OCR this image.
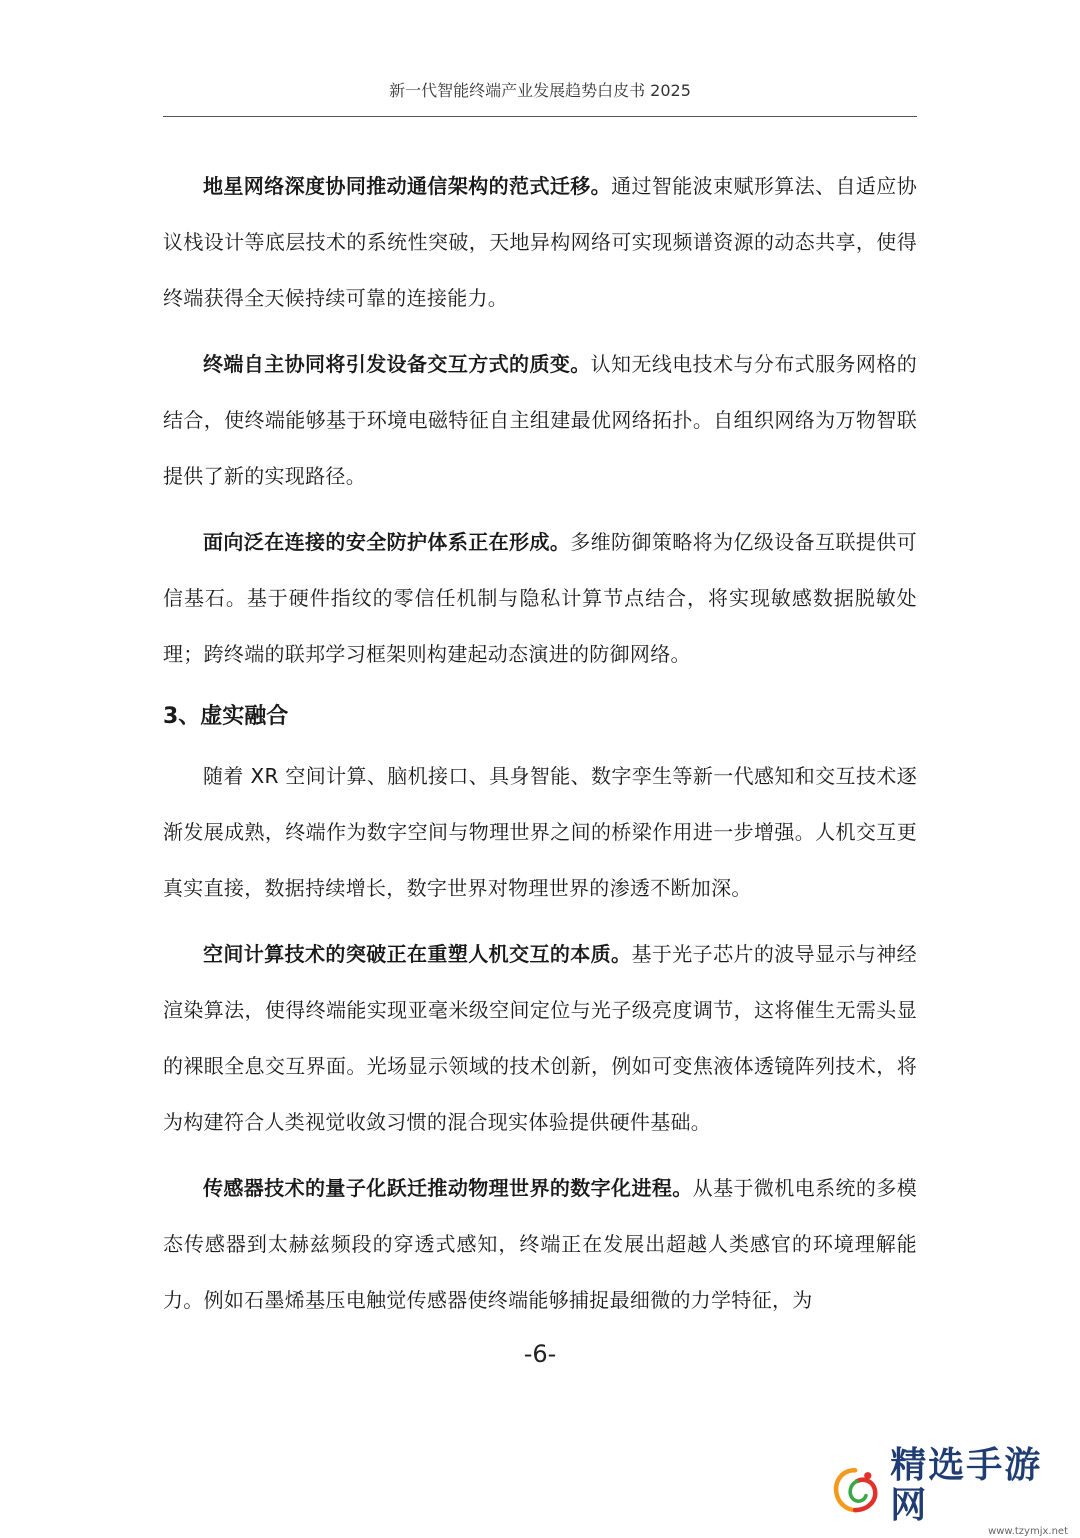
新一代智能终端产业发展趋势白皮书 2025

地星网络深度协同推动通信架构的范式迁移。通过智能波束赋形算法、自适应协议栈设计等底层技术的系统性突破，天地异构网络可实现频谱资源的动态共享，使得终端获得全天候持续可靠的连接能力。

终端自主协同将引发设备交互方式的质变。认知无线电技术与分布式服务网格的结合，使终端能够基于环境电磁特征自主组建最优网络拓扑。自组织网络为万物智联提供了新的实现路径。

面向泛在连接的安全防护体系正在形成。多维防御策略将为亿级设备互联提供可信基石。基于硬件指纹的零信任机制与隐私计算节点结合，将实现敏感数据脱敏处理；跨终端的联邦学习框架则构建起动态演进的防御网络。

3、虚实融合

随着 XR 空间计算、脑机接口、具身智能、数字孪生等新一代感知和交互技术逐渐发展成熟，终端作为数字空间与物理世界之间的桥梁作用进一步增强。人机交互更真实直接，数据持续增长，数字世界对物理世界的渗透不断加深。

空间计算技术的突破正在重塑人机交互的本质。基于光子芯片的波导显示与神经渲染算法，使得终端能实现亚毫米级空间定位与光子级亮度调节，这将催生无需头显的裸眼全息交互界面。光场显示领域的技术创新，例如可变焦液体透镜阵列技术，将为构建符合人类视觉收敛习惯的混合现实体验提供硬件基础。

传感器技术的量子化跃迁推动物理世界的数字化进程。从基于微机电系统的多模态传感器到太赫兹频段的穿透式感知，终端正在发展出超越人类感官的环境理解能力。例如石墨烯基压电触觉传感器使终端能够捕捉最细微的力学特征，为

-6-
精选手游网
www.tzymjx.net
